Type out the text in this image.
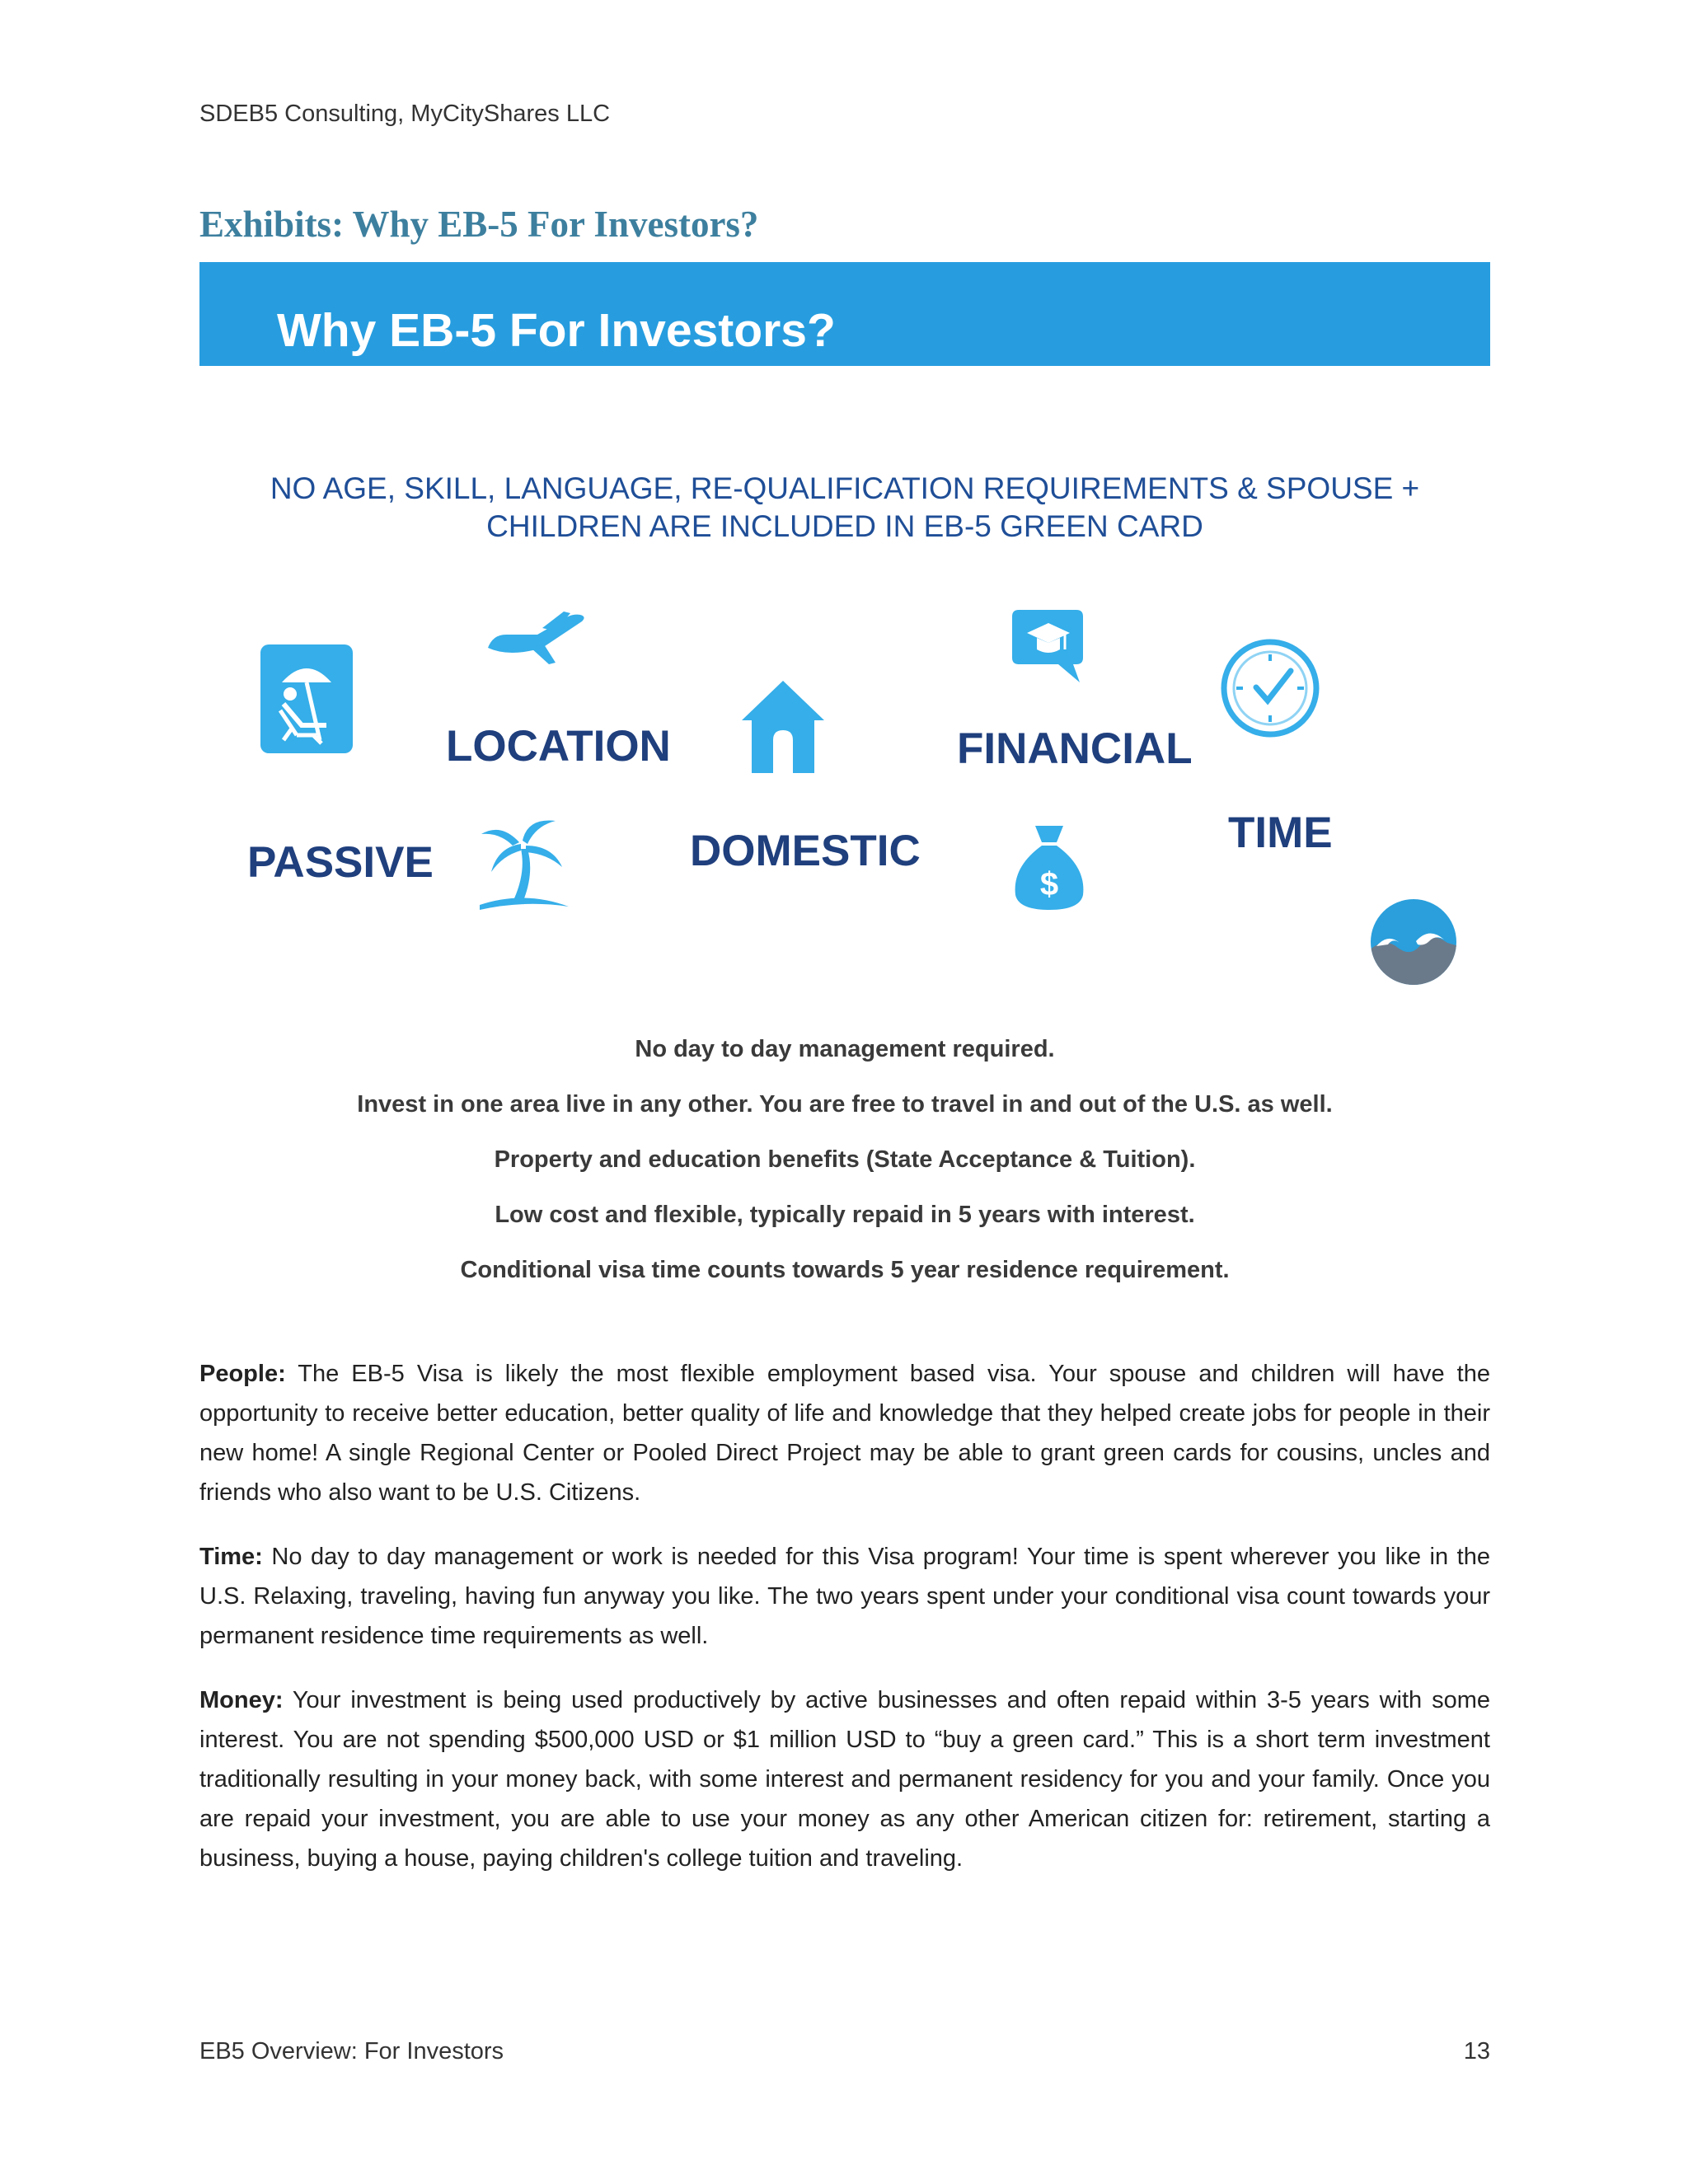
SDEB5 Consulting, MyCityShares LLC
Exhibits: Why EB-5 For Investors?
Why EB-5 For Investors?
NO AGE, SKILL, LANGUAGE, RE-QUALIFICATION REQUIREMENTS & SPOUSE +
CHILDREN ARE INCLUDED IN EB-5 GREEN CARD
LOCATION	FINANCIAL
PASSIVE	DOMESTIC
$
TIME
No day to day management required.
Invest in one area live in any other. You are free to travel in and out of the U.S. as well.
Property and education benefits (State Acceptance & Tuition).
Low cost and flexible, typically repaid in 5 years with interest.
Conditional visa time counts towards 5 year residence requirement.

People: The EB-5 Visa is likely the most flexible employment based visa. Your spouse and children will have the opportunity to receive better education, better quality of life and knowledge that they helped create jobs for people in their new home! A single Regional Center or Pooled Direct Project may be able to grant green cards for cousins, uncles and friends who also want to be U.S. Citizens.

Time: No day to day management or work is needed for this Visa program! Your time is spent wherever you like in the U.S. Relaxing, traveling, having fun anyway you like. The two years spent under your conditional visa count towards your permanent residence time requirements as well.

Money: Your investment is being used productively by active businesses and often repaid within 3-5 years with some interest. You are not spending $500,000 USD or $1 million USD to “buy a green card.” This is a short term investment traditionally resulting in your money back, with some interest and permanent residency for you and your family. Once you are repaid your investment, you are able to use your money as any other American citizen for: retirement, starting a business, buying a house, paying children's college tuition and traveling.

EB5 Overview: For Investors	13
